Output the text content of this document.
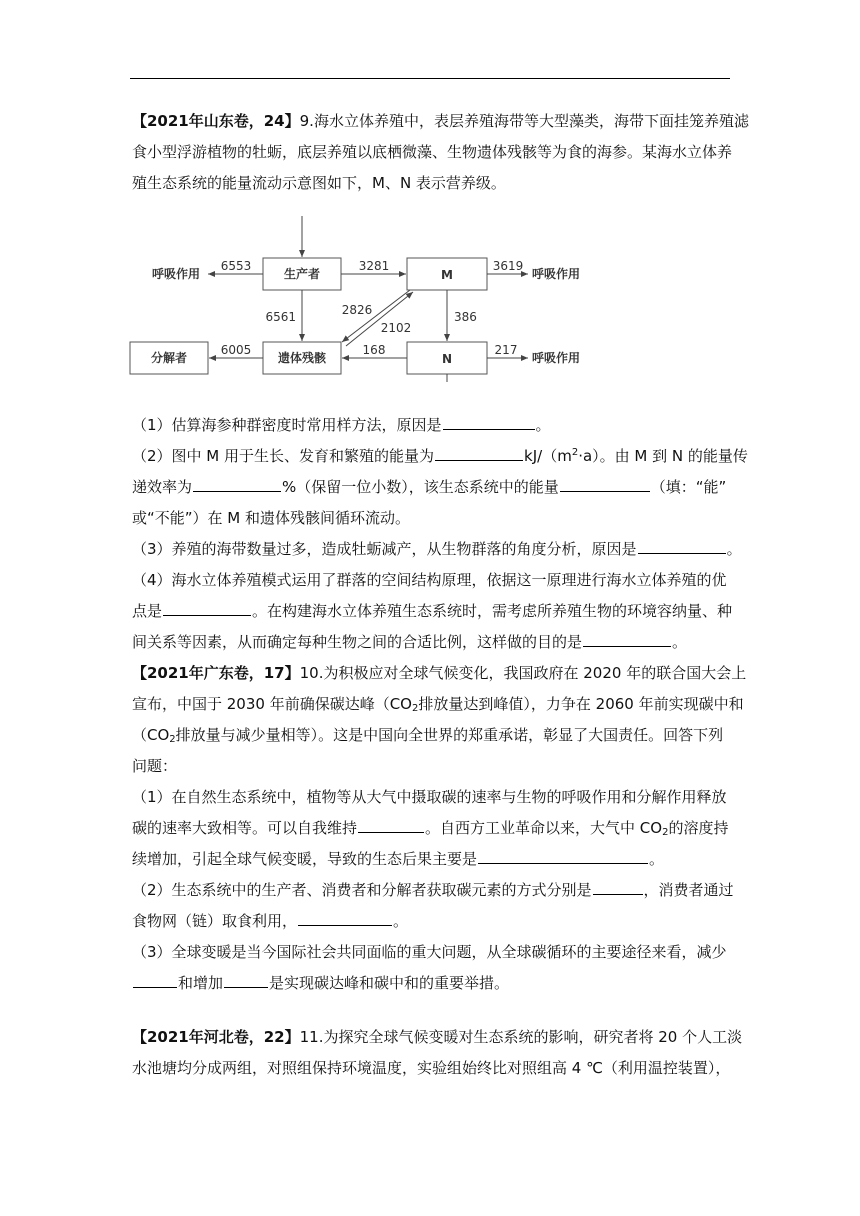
【2021年山东卷，24】9.海水立体养殖中，表层养殖海带等大型藻类，海带下面挂笼养殖滤
食小型浮游植物的牡蛎，底层养殖以底栖微藻、生物遗体残骸等为食的海参。某海水立体养
殖生态系统的能量流动示意图如下，M、N 表示营养级。
生产者	M
遗体残骸	N
分解者
呼吸作用	呼吸作用
呼吸作用
6553	3281	3619
6561	2826
2102
386
6005	168	217
（1）估算海参种群密度时常用样方法，原因是	。
（2）图中 M 用于生长、发育和繁殖的能量为	$kJ/(m^2\cdot a)$。由 M 到 N 的能量传
递效率为	%（保留一位小数），该生态系统中的能量	（填：“能”
或“不能”）在 M 和遗体残骸间循环流动。
（3）养殖的海带数量过多，造成牡蛎减产，从生物群落的角度分析，原因是	。
（4）海水立体养殖模式运用了群落的空间结构原理，依据这一原理进行海水立体养殖的优
点是	。在构建海水立体养殖生态系统时，需考虑所养殖生物的环境容纳量、种
间关系等因素，从而确定每种生物之间的合适比例，这样做的目的是	。
【2021年广东卷，17】10.为积极应对全球气候变化，我国政府在 2020 年的联合国大会上
宣布，中国于 2030 年前确保碳达峰（$CO_2$排放量达到峰值），力争在 2060 年前实现碳中和
（$CO_2$排放量与减少量相等）。这是中国向全世界的郑重承诺，彰显了大国责任。回答下列
问题：
（1）在自然生态系统中，植物等从大气中摄取碳的速率与生物的呼吸作用和分解作用释放
碳的速率大致相等。可以自我维持	。自西方工业革命以来，大气中 $CO_2$的溶度持
续增加，引起全球气候变暖，导致的生态后果主要是	。
（2）生态系统中的生产者、消费者和分解者获取碳元素的方式分别是	，消费者通过
食物网（链）取食利用，	。
（3）全球变暖是当今国际社会共同面临的重大问题，从全球碳循环的主要途径来看，减少
和增加	是实现碳达峰和碳中和的重要举措。
【2021年河北卷，22】11.为探究全球气候变暖对生态系统的影响，研究者将 20 个人工淡
水池塘均分成两组，对照组保持环境温度，实验组始终比对照组高 4 ℃（利用温控装置），
